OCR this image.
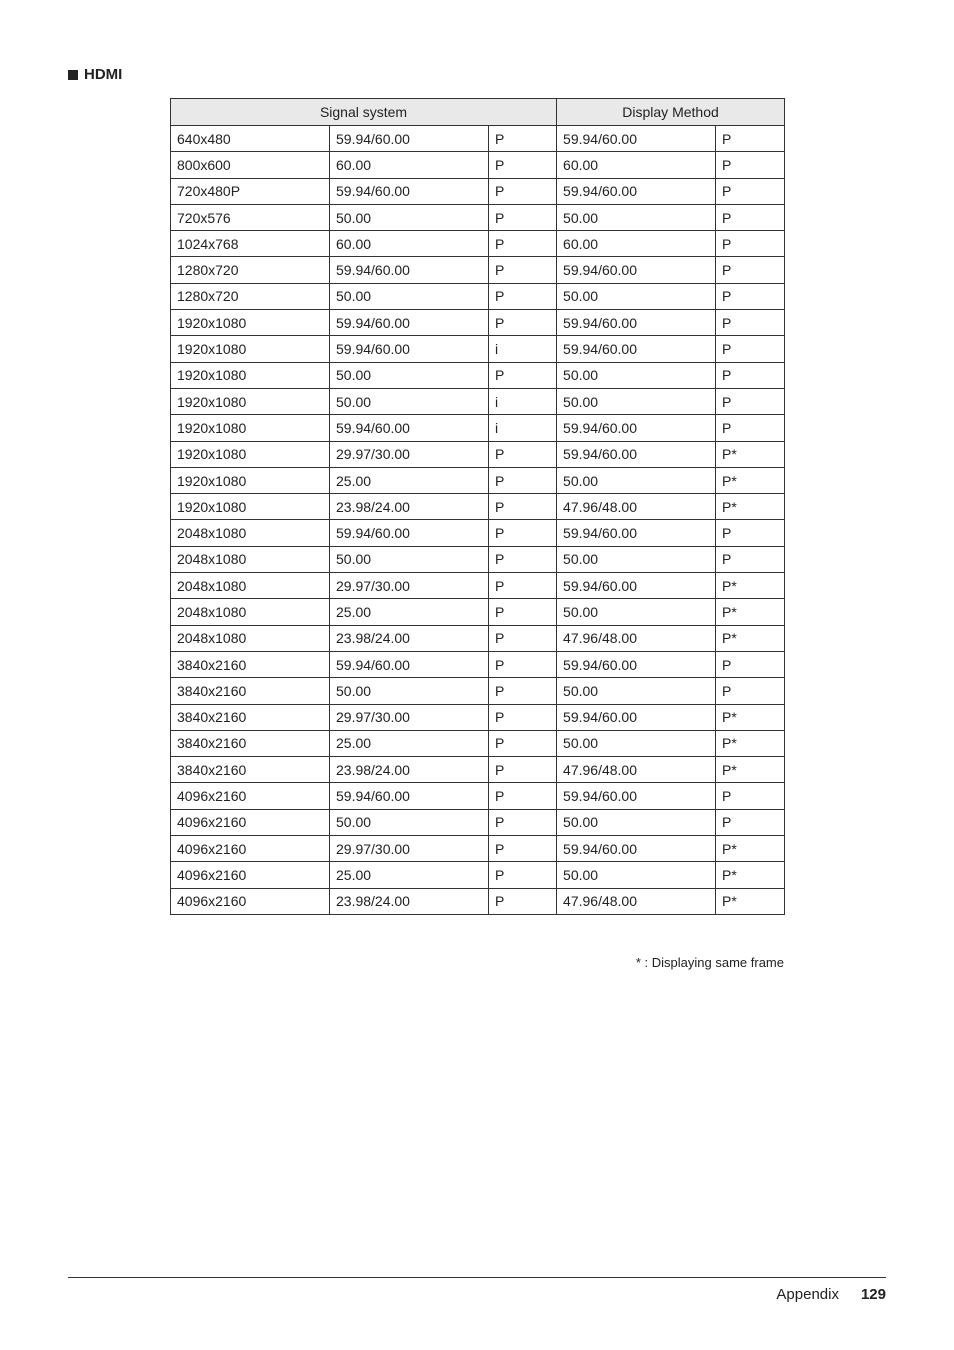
HDMI
Signal system			Display Method	
640x480	59.94/60.00	P	59.94/60.00	P
800x600	60.00	P	60.00	P
720x480P	59.94/60.00	P	59.94/60.00	P
720x576	50.00	P	50.00	P
1024x768	60.00	P	60.00	P
1280x720	59.94/60.00	P	59.94/60.00	P
1280x720	50.00	P	50.00	P
1920x1080	59.94/60.00	P	59.94/60.00	P
1920x1080	59.94/60.00	i	59.94/60.00	P
1920x1080	50.00	P	50.00	P
1920x1080	50.00	i	50.00	P
1920x1080	59.94/60.00	i	59.94/60.00	P
1920x1080	29.97/30.00	P	59.94/60.00	P*
1920x1080	25.00	P	50.00	P*
1920x1080	23.98/24.00	P	47.96/48.00	P*
2048x1080	59.94/60.00	P	59.94/60.00	P
2048x1080	50.00	P	50.00	P
2048x1080	29.97/30.00	P	59.94/60.00	P*
2048x1080	25.00	P	50.00	P*
2048x1080	23.98/24.00	P	47.96/48.00	P*
3840x2160	59.94/60.00	P	59.94/60.00	P
3840x2160	50.00	P	50.00	P
3840x2160	29.97/30.00	P	59.94/60.00	P*
3840x2160	25.00	P	50.00	P*
3840x2160	23.98/24.00	P	47.96/48.00	P*
4096x2160	59.94/60.00	P	59.94/60.00	P
4096x2160	50.00	P	50.00	P
4096x2160	29.97/30.00	P	59.94/60.00	P*
4096x2160	25.00	P	50.00	P*
4096x2160	23.98/24.00	P	47.96/48.00	P*
* : Displaying same frame
Appendix 129
